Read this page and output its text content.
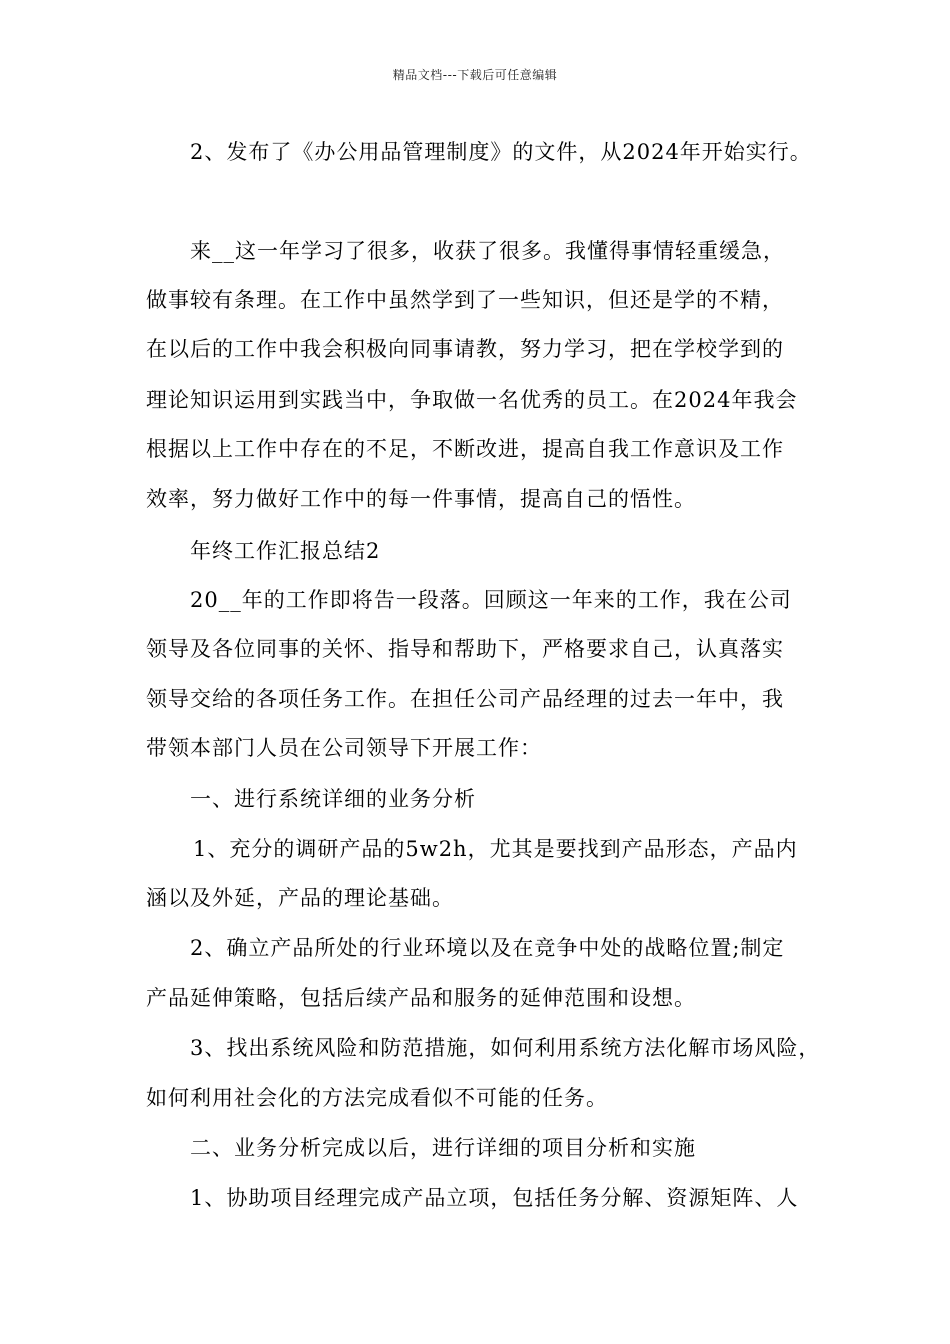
精品文档---下载后可任意编辑
2、发布了《办公用品管理制度》的文件，从2024年开始实行。
来__这一年学习了很多，收获了很多。我懂得事情轻重缓急，
做事较有条理。在工作中虽然学到了一些知识，但还是学的不精，
在以后的工作中我会积极向同事请教，努力学习，把在学校学到的
理论知识运用到实践当中，争取做一名优秀的员工。在2024年我会
根据以上工作中存在的不足，不断改进，提高自我工作意识及工作
效率，努力做好工作中的每一件事情，提高自己的悟性。
年终工作汇报总结2
20__年的工作即将告一段落。回顾这一年来的工作，我在公司
领导及各位同事的关怀、指导和帮助下，严格要求自己，认真落实
领导交给的各项任务工作。在担任公司产品经理的过去一年中，我
带领本部门人员在公司领导下开展工作：
一、进行系统详细的业务分析
1、充分的调研产品的5w2h，尤其是要找到产品形态，产品内
涵以及外延，产品的理论基础。
2、确立产品所处的行业环境以及在竞争中处的战略位置;制定
产品延伸策略，包括后续产品和服务的延伸范围和设想。
3、找出系统风险和防范措施，如何利用系统方法化解市场风险，
如何利用社会化的方法完成看似不可能的任务。
二、业务分析完成以后，进行详细的项目分析和实施
1、协助项目经理完成产品立项，包括任务分解、资源矩阵、人
